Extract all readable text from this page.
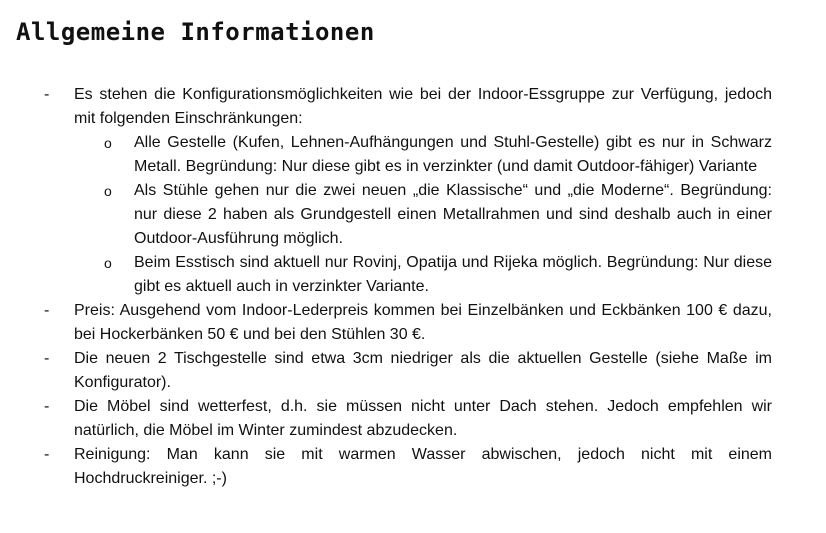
Allgemeine Informationen
-	Es stehen die Konfigurationsmöglichkeiten wie bei der Indoor-Essgruppe zur Verfügung, jedoch mit folgenden Einschränkungen:
o Alle Gestelle (Kufen, Lehnen-Aufhängungen und Stuhl-Gestelle) gibt es nur in Schwarz Metall. Begründung: Nur diese gibt es in verzinkter (und damit Outdoor-fähiger) Variante
o Als Stühle gehen nur die zwei neuen „die Klassische“ und „die Moderne“. Begründung: nur diese 2 haben als Grundgestell einen Metallrahmen und sind deshalb auch in einer Outdoor-Ausführung möglich.
o Beim Esstisch sind aktuell nur Rovinj, Opatija und Rijeka möglich. Begründung: Nur diese gibt es aktuell auch in verzinkter Variante.
-	Preis: Ausgehend vom Indoor-Lederpreis kommen bei Einzelbänken und Eckbänken 100 € dazu, bei Hockerbänken 50 € und bei den Stühlen 30 €.
-	Die neuen 2 Tischgestelle sind etwa 3cm niedriger als die aktuellen Gestelle (siehe Maße im Konfigurator).
-	Die Möbel sind wetterfest, d.h. sie müssen nicht unter Dach stehen. Jedoch empfehlen wir natürlich, die Möbel im Winter zumindest abzudecken.
-	Reinigung: Man kann sie mit warmen Wasser abwischen, jedoch nicht mit einem Hochdruckreiniger. ;-)
